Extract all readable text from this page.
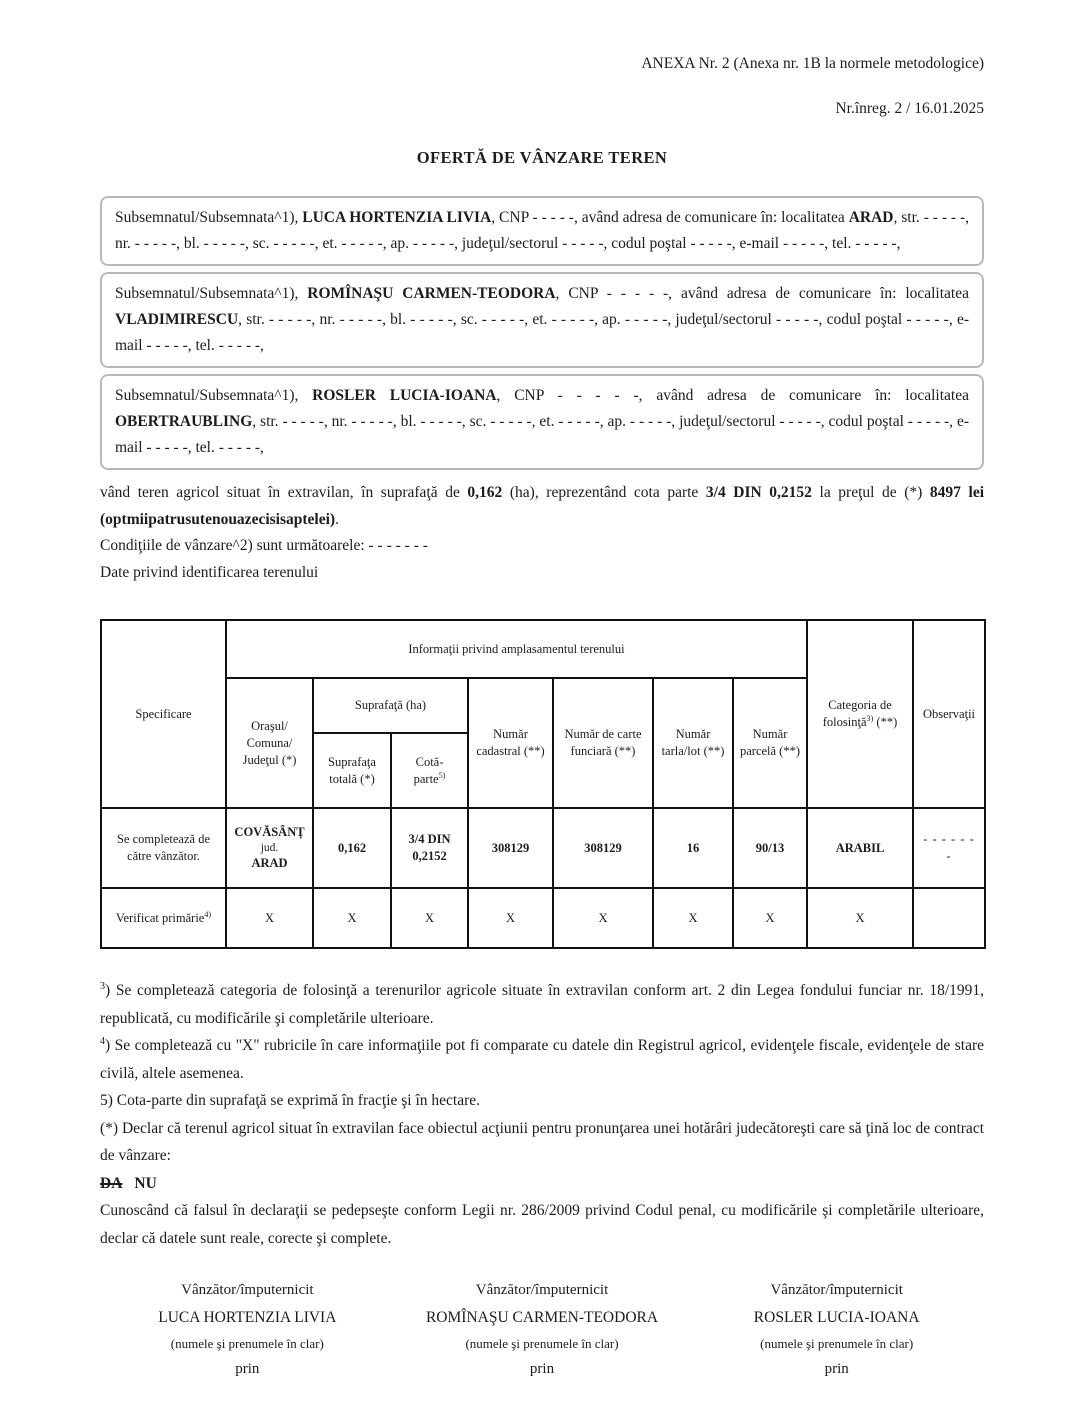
ANEXA Nr. 2 (Anexa nr. 1B la normele metodologice)
Nr.înreg. 2 / 16.01.2025
OFERTĂ DE VÂNZARE TEREN
Subsemnatul/Subsemnata^1), LUCA HORTENZIA LIVIA, CNP - - - - -, având adresa de comunicare în: localitatea ARAD, str. - - - - -, nr. - - - - -, bl. - - - - -, sc. - - - - -, et. - - - - -, ap. - - - - -, judeţul/sectorul - - - - -, codul poştal - - - - -, e-mail - - - - -, tel. - - - - -,
Subsemnatul/Subsemnata^1), ROMÎNAŞU CARMEN-TEODORA, CNP - - - - -, având adresa de comunicare în: localitatea VLADIMIRESCU, str. - - - - -, nr. - - - - -, bl. - - - - -, sc. - - - - -, et. - - - - -, ap. - - - - -, judeţul/sectorul - - - - -, codul poştal - - - - -, e-mail - - - - -, tel. - - - - -,
Subsemnatul/Subsemnata^1), ROSLER LUCIA-IOANA, CNP - - - - -, având adresa de comunicare în: localitatea OBERTRAUBLING, str. - - - - -, nr. - - - - -, bl. - - - - -, sc. - - - - -, et. - - - - -, ap. - - - - -, judeţul/sectorul - - - - -, codul poştal - - - - -, e-mail - - - - -, tel. - - - - -,

vând teren agricol situat în extravilan, în suprafaţă de 0,162 (ha), reprezentând cota parte 3/4 DIN 0,2152 la preţul de (*) 8497 lei (optmiipatrusutenouazecisisaptelei).

Condiţiile de vânzare^2) sunt următoarele: - - - - - - -

Date privind identificarea terenului

Specificare	Informaţii privind amplasamentul terenului							Categoria de folosinţă$^{3)}$ (**)	Observaţii
	Oraşul/ Comuna/ Judeţul (*)	Suprafaţă (ha)		Număr cadastral (**)	Număr de carte funciară (**)	Număr tarla/lot (**)	Număr parcelă (**)		
		Suprafaţa totală (*)	Cotă-
parte$^{5)}$
Se completează de către vânzător.	COVĂSÂNŢ
jud.
ARAD	0,162	3/4 DIN 0,2152	308129	308129	16	90/13	ARABIL	- - - - - - -
Verificat primărie$^{4)}$	X	X	X	X	X	X	X	X	

$^3$) Se completează categoria de folosinţă a terenurilor agricole situate în extravilan conform art. 2 din Legea fondului funciar nr. 18/1991, republicată, cu modificările şi completările ulterioare.

$^4$) Se completează cu "X" rubricile în care informaţiile pot fi comparate cu datele din Registrul agricol, evidenţele fiscale, evidenţele de stare civilă, altele asemenea.

5) Cota-parte din suprafaţă se exprimă în fracţie şi în hectare.

(*) Declar că terenul agricol situat în extravilan face obiectul acţiunii pentru pronunţarea unei hotărâri judecătoreşti care să ţină loc de contract de vânzare:

DA NU

Cunoscând că falsul în declaraţii se pedepseşte conform Legii nr. 286/2009 privind Codul penal, cu modificările şi completările ulterioare, declar că datele sunt reale, corecte şi complete.

Vânzător/împuternicit
LUCA HORTENZIA LIVIA
(numele şi prenumele în clar)
prin
Vânzător/împuternicit
ROMÎNAŞU CARMEN-TEODORA
(numele şi prenumele în clar)
prin
Vânzător/împuternicit
ROSLER LUCIA-IOANA
(numele şi prenumele în clar)
prin
